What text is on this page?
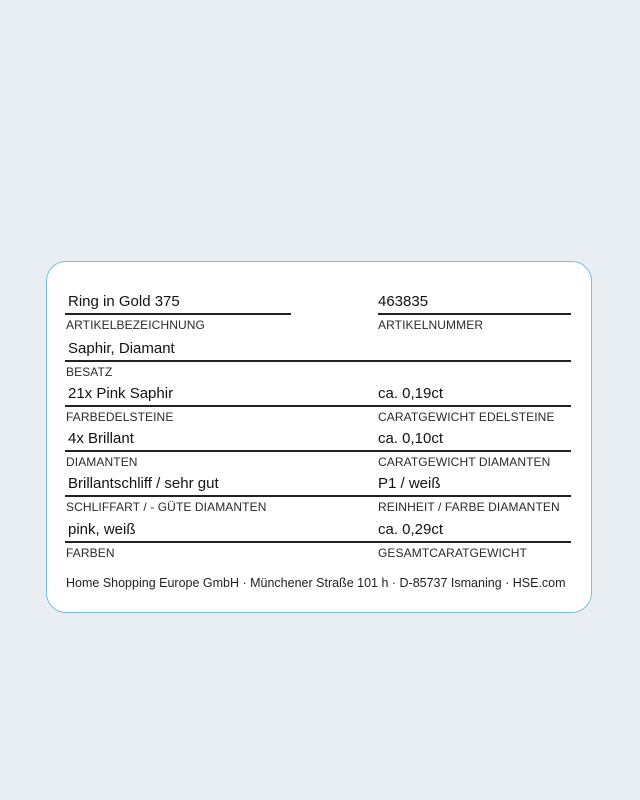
Ring in Gold 375	463835
ARTIKELBEZEICHNUNG	ARTIKELNUMMER
Saphir, Diamant
BESATZ
21x Pink Saphir	ca. 0,19ct
FARBEDELSTEINE	CARATGEWICHT EDELSTEINE
4x Brillant	ca. 0,10ct
DIAMANTEN	CARATGEWICHT DIAMANTEN
Brillantschliff / sehr gut	P1 / weiß
SCHLIFFART / - GÜTE DIAMANTEN	REINHEIT / FARBE DIAMANTEN
pink, weiß	ca. 0,29ct
FARBEN	GESAMTCARATGEWICHT
Home Shopping Europe GmbH · Münchener Straße 101 h · D-85737 Ismaning · HSE.com
